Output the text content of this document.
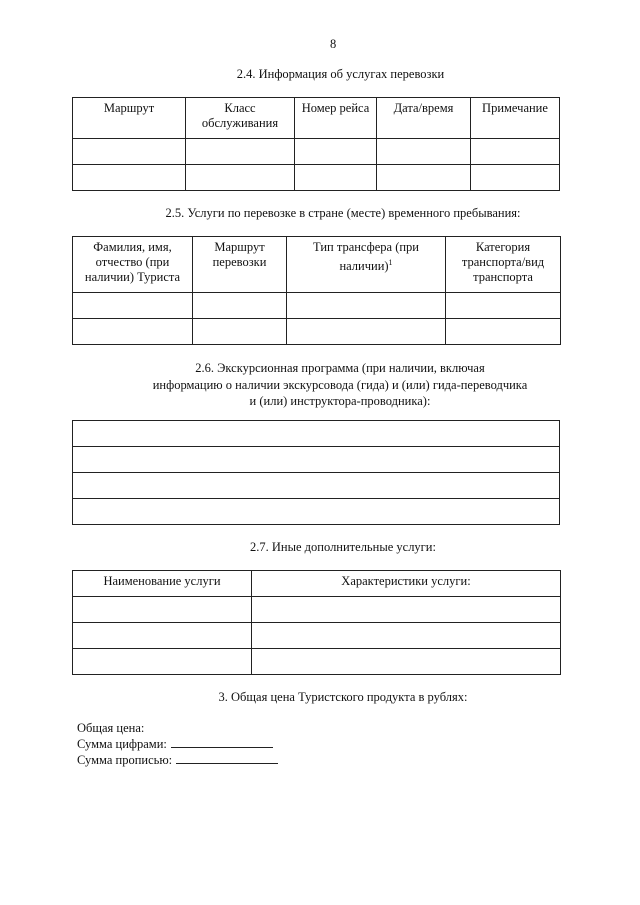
8
2.4. Информация об услугах перевозки
Маршрут	Класс обслуживания	Номер рейса	Дата/время	Примечание

2.5. Услуги по перевозке в стране (месте) временного пребывания:
Фамилия, имя, отчество (при наличии) Туриста	Маршрут перевозки	Тип трансфера (при наличии)$^1$	Категория транспорта/вид транспорта

2.6. Экскурсионная программа (при наличии, включая
информацию о наличии экскурсовода (гида) и (или) гида-переводчика
и (или) инструктора-проводника):

2.7. Иные дополнительные услуги:
Наименование услуги	Характеристики услуги:

3. Общая цена Туристского продукта в рублях:
Общая цена:
Сумма цифрами:
Сумма прописью:
